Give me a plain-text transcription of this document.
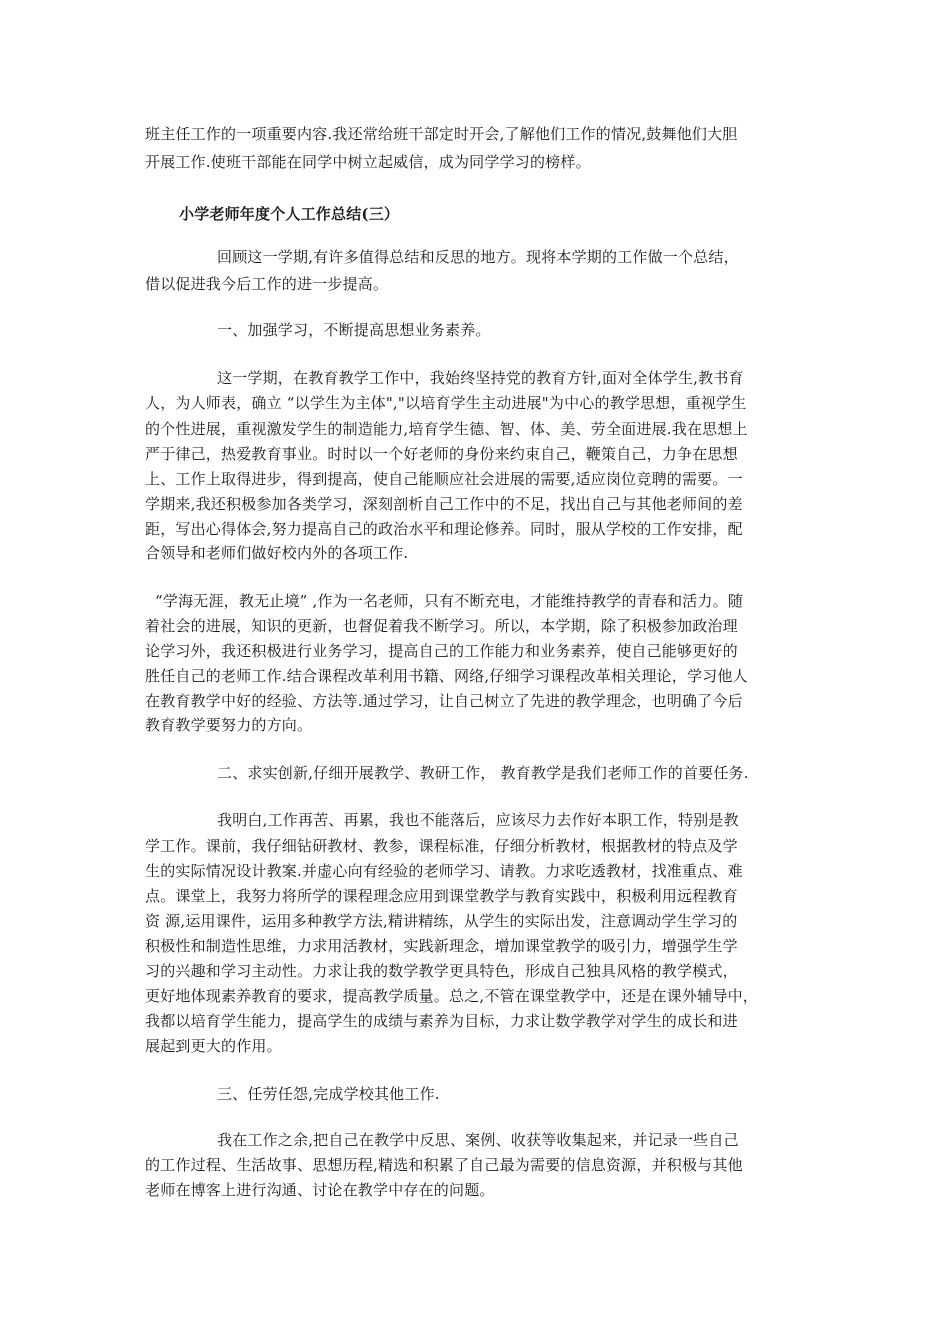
班主任工作的一项重要内容.我还常给班干部定时开会,了解他们工作的情况,鼓舞他们大胆
开展工作.使班干部能在同学中树立起威信，成为同学学习的榜样。
小学老师年度个人工作总结(三）
回顾这一学期,有许多值得总结和反思的地方。现将本学期的工作做一个总结，
借以促进我今后工作的进一步提高。
一、加强学习，不断提高思想业务素养。
这一学期，在教育教学工作中，我始终坚持党的教育方针,面对全体学生,教书育
人，为人师表，确立 “以学生为主体","以培育学生主动进展"为中心的教学思想，重视学生
的个性进展，重视激发学生的制造能力,培育学生德、智、体、美、劳全面进展.我在思想上
严于律己，热爱教育事业。时时以一个好老师的身份来约束自己，鞭策自己，力争在思想
上、工作上取得进步，得到提高，使自己能顺应社会进展的需要,适应岗位竞聘的需要。一
学期来,我还积极参加各类学习，深刻剖析自己工作中的不足，找出自己与其他老师间的差
距，写出心得体会,努力提高自己的政治水平和理论修养。同时，服从学校的工作安排，配
合领导和老师们做好校内外的各项工作.
“学海无涯，教无止境” ,作为一名老师，只有不断充电，才能维持教学的青春和活力。随
着社会的进展，知识的更新，也督促着我不断学习。所以，本学期，除了积极参加政治理
论学习外，我还积极进行业务学习，提高自己的工作能力和业务素养，使自己能够更好的
胜任自己的老师工作.结合课程改革利用书籍、网络,仔细学习课程改革相关理论，学习他人
在教育教学中好的经验、方法等.通过学习，让自己树立了先进的教学理念，也明确了今后
教育教学要努力的方向。
二、求实创新,仔细开展教学、教研工作， 教育教学是我们老师工作的首要任务.
我明白,工作再苦、再累，我也不能落后，应该尽力去作好本职工作，特别是教
学工作。课前，我仔细钻研教材、教参，课程标准，仔细分析教材，根据教材的特点及学
生的实际情况设计教案.并虚心向有经验的老师学习、请教。力求吃透教材，找准重点、难
点。课堂上，我努力将所学的课程理念应用到课堂教学与教育实践中，积极利用远程教育
资 源,运用课件，运用多种教学方法,精讲精练，从学生的实际出发，注意调动学生学习的
积极性和制造性思维，力求用活教材，实践新理念，增加课堂教学的吸引力，增强学生学
习的兴趣和学习主动性。力求让我的数学教学更具特色，形成自己独具风格的教学模式，
更好地体现素养教育的要求，提高教学质量。总之,不管在课堂教学中，还是在课外辅导中，
我都以培育学生能力，提高学生的成绩与素养为目标，力求让数学教学对学生的成长和进
展起到更大的作用。
三、任劳任怨,完成学校其他工作.
我在工作之余,把自己在教学中反思、案例、收获等收集起来，并记录一些自己
的工作过程、生活故事、思想历程,精选和积累了自己最为需要的信息资源，并积极与其他
老师在博客上进行沟通、讨论在教学中存在的问题。
